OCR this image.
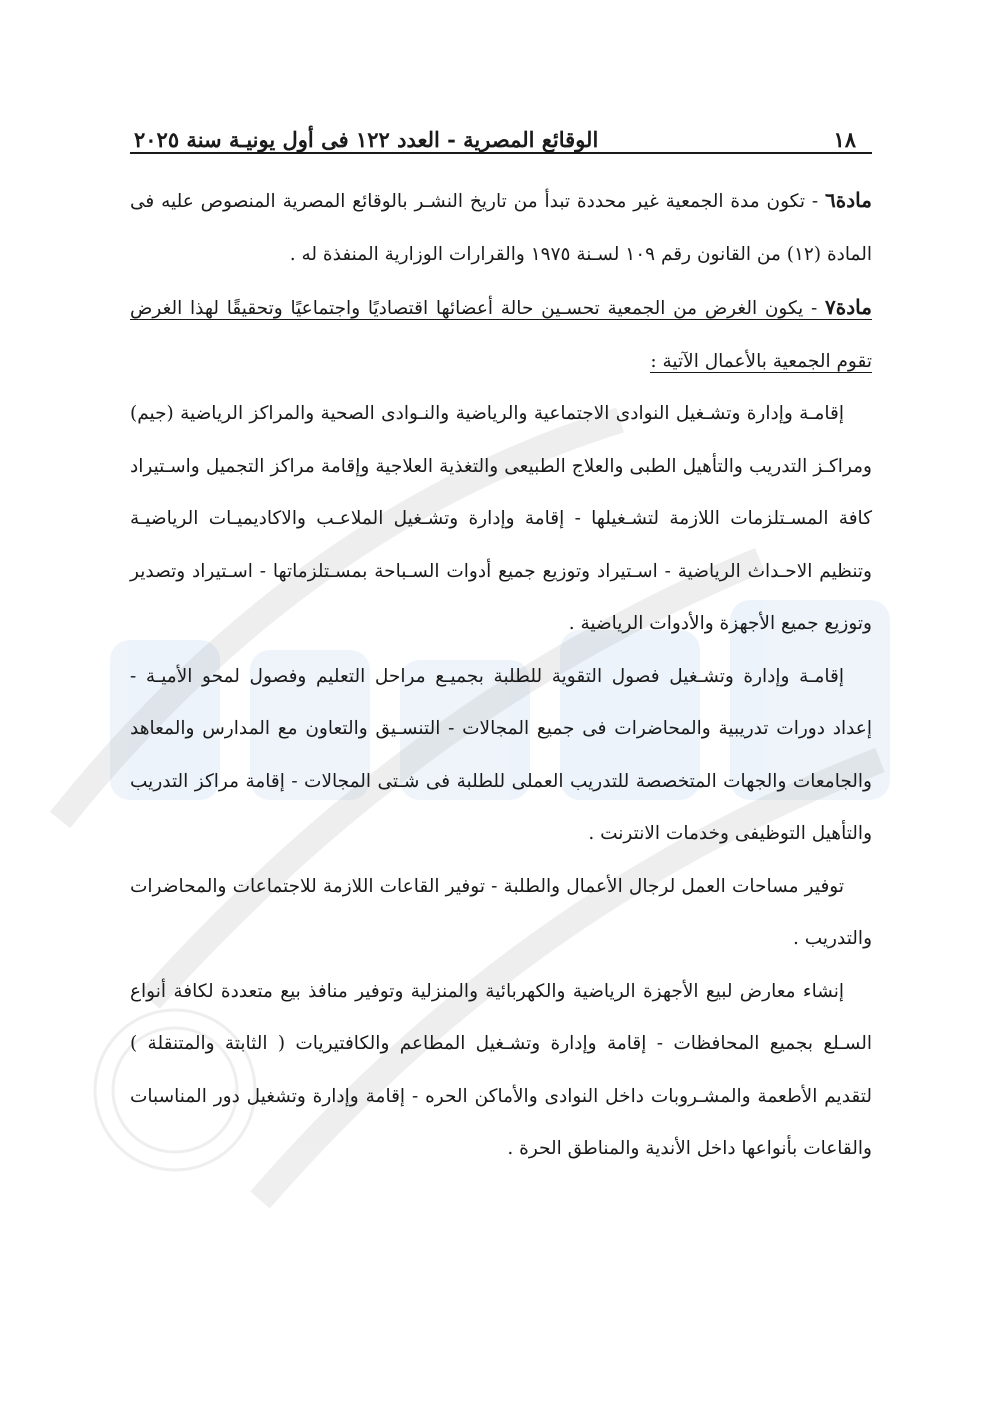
١٨
الوقائع المصرية - العدد ١٢٢ فى أول يونيـة سنة ٢٠٢٥

مادة٦ - تكون مدة الجمعية غير محددة تبدأ من تاريخ النشـر بالوقائع المصرية المنصوص عليه فى المادة (١٢) من القانون رقم ١٠٩ لسـنة ١٩٧٥ والقرارات الوزارية المنفذة له .

مادة٧ - يكون الغرض من الجمعية تحسـين حالة أعضائها اقتصاديًا واجتماعيًا وتحقيقًا لهذا الغرض تقوم الجمعية بالأعمال الآتية :

إقامـة وإدارة وتشـغيل النوادى الاجتماعية والرياضية والنـوادى الصحية والمراكز الرياضية (جيم) ومراكـز التدريب والتأهيل الطبى والعلاج الطبيعى والتغذية العلاجية وإقامة مراكز التجميل واسـتيراد كافة المسـتلزمات اللازمة لتشـغيلها - إقامة وإدارة وتشـغيل الملاعـب والاكاديميـات الرياضيـة وتنظيم الاحـداث الرياضية - اسـتيراد وتوزيع جميع أدوات السـباحة بمسـتلزماتها - اسـتيراد وتصدير وتوزيع جميع الأجهزة والأدوات الرياضية .

إقامـة وإدارة وتشـغيل فصول التقوية للطلبة بجميـع مراحل التعليم وفصول لمحو الأميـة - إعداد دورات تدريبية والمحاضرات فى جميع المجالات - التنسـيق والتعاون مع المدارس والمعاهد والجامعات والجهات المتخصصة للتدريب العملى للطلبة فى شـتى المجالات - إقامة مراكز التدريب والتأهيل التوظيفى وخدمات الانترنت .

توفير مساحات العمل لرجال الأعمال والطلبة - توفير القاعات اللازمة للاجتماعات والمحاضرات والتدريب .

إنشاء معارض لبيع الأجهزة الرياضية والكهربائية والمنزلية وتوفير منافذ بيع متعددة لكافة أنواع السـلع بجميع المحافظات - إقامة وإدارة وتشـغيل المطاعم والكافتيريات ( الثابتة والمتنقلة ) لتقديم الأطعمة والمشـروبات داخل النوادى والأماكن الحره - إقامة وإدارة وتشغيل دور المناسبات والقاعات بأنواعها داخل الأندية والمناطق الحرة .
